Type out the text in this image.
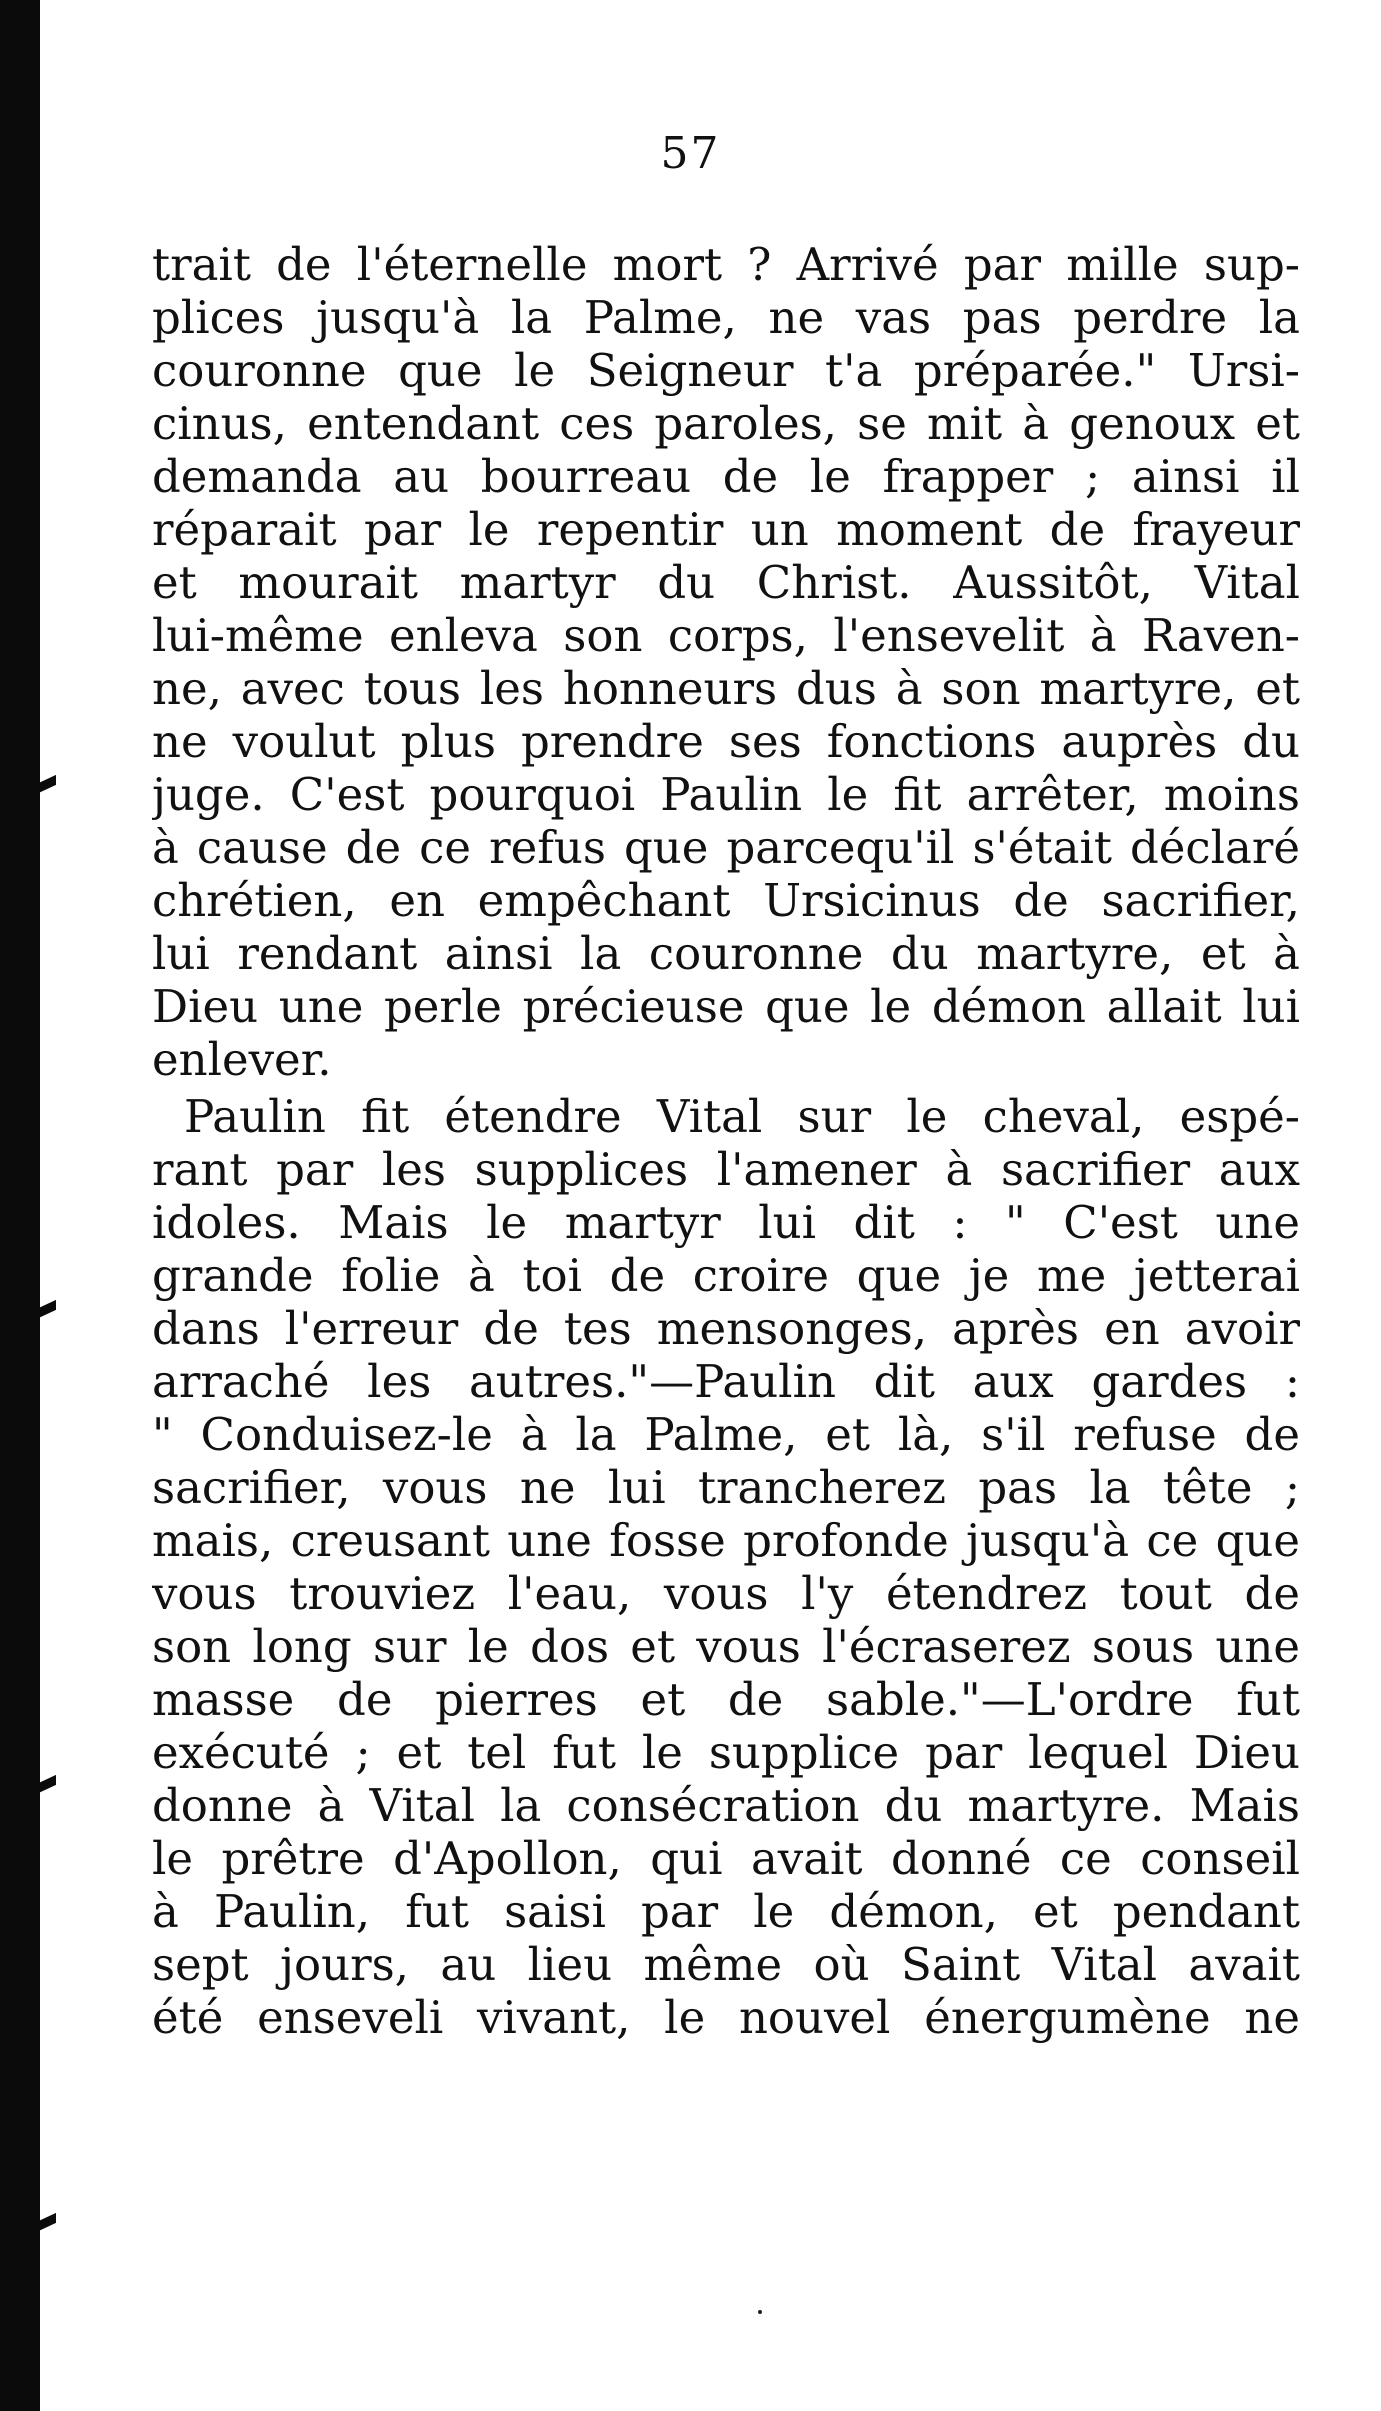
57
trait de l'éternelle mort ? Arrivé par mille sup-
plices jusqu'à la Palme, ne vas pas perdre la
couronne que le Seigneur t'a préparée." Ursi-
cinus, entendant ces paroles, se mit à genoux et
demanda au bourreau de le frapper ; ainsi il
réparait par le repentir un moment de frayeur
et mourait martyr du Christ. Aussitôt, Vital
lui-même enleva son corps, l'ensevelit à Raven-
ne, avec tous les honneurs dus à son martyre, et
ne voulut plus prendre ses fonctions auprès du
juge. C'est pourquoi Paulin le fit arrêter, moins
à cause de ce refus que parcequ'il s'était déclaré
chrétien, en empêchant Ursicinus de sacrifier,
lui rendant ainsi la couronne du martyre, et à
Dieu une perle précieuse que le démon allait lui
enlever.
Paulin fit étendre Vital sur le cheval, espé-
rant par les supplices l'amener à sacrifier aux
idoles. Mais le martyr lui dit : " C'est une
grande folie à toi de croire que je me jetterai
dans l'erreur de tes mensonges, après en avoir
arraché les autres."—Paulin dit aux gardes :
" Conduisez-le à la Palme, et là, s'il refuse de
sacrifier, vous ne lui trancherez pas la tête ;
mais, creusant une fosse profonde jusqu'à ce que
vous trouviez l'eau, vous l'y étendrez tout de
son long sur le dos et vous l'écraserez sous une
masse de pierres et de sable."—L'ordre fut
exécuté ; et tel fut le supplice par lequel Dieu
donne à Vital la consécration du martyre. Mais
le prêtre d'Apollon, qui avait donné ce conseil
à Paulin, fut saisi par le démon, et pendant
sept jours, au lieu même où Saint Vital avait
été enseveli vivant, le nouvel énergumène ne
